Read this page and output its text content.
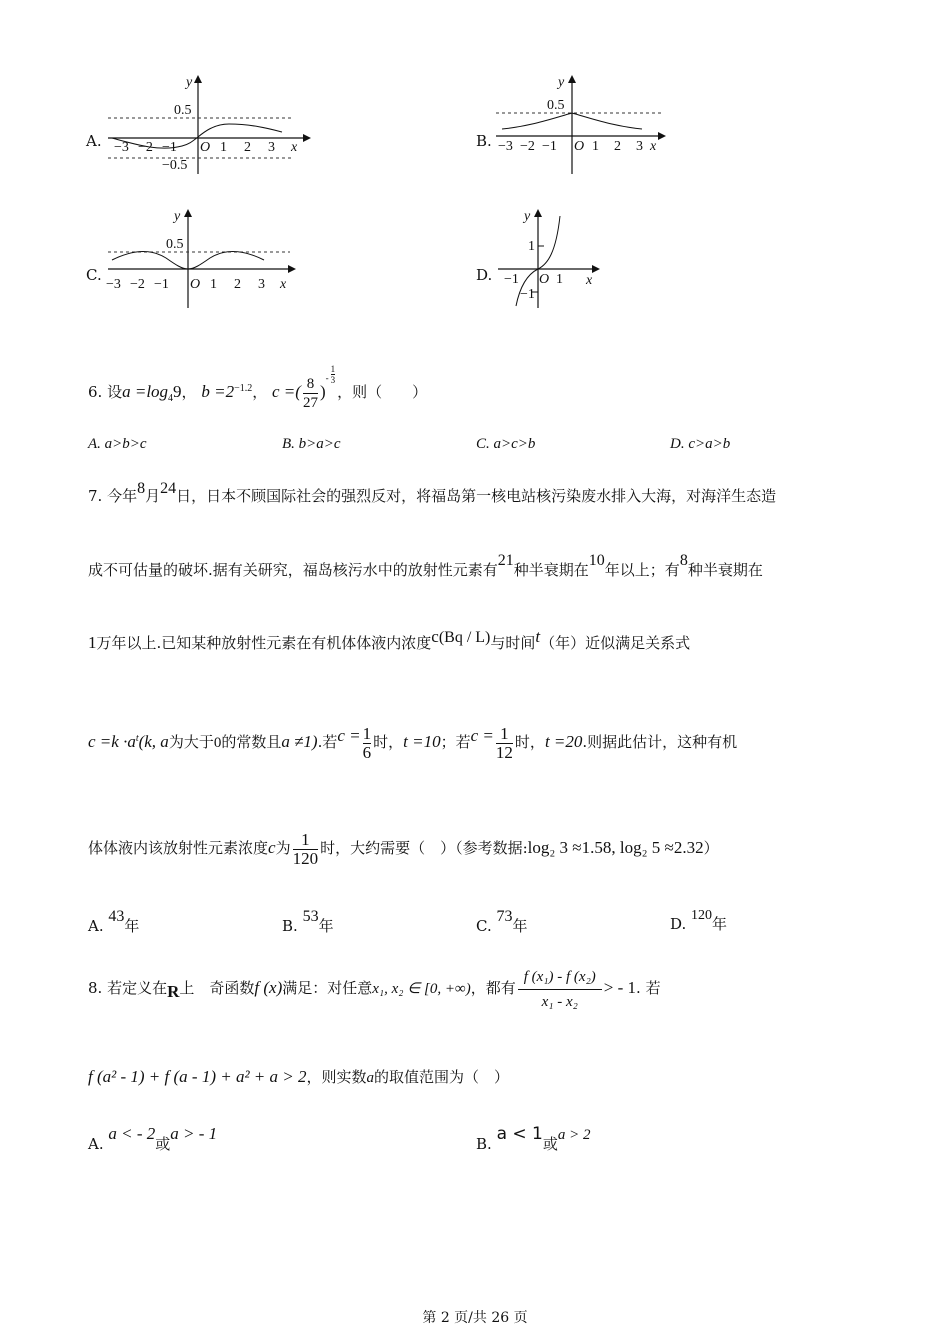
A.
y
x
O
0.5
−0.5
−3 −2 −1	1 2 3	B.
y
x
O
0.5
−3 −2 −1	1 2 3
C.
y
x
O
0.5
−3 −2 −1	1 2 3
D.
y
x
O
1
−1
−1	1
6. 设$a =\log_49$， $b =2^{-1.2}$， c =( $\frac{8}{27} )^- \frac{1}{3}$
，则（　　）
A. a>b>c	B. b>a>c	C. a>c>b	D. c>a>b
7. 今年8月24日，日本不顾国际社会的强烈反对，将福岛第一核电站核污染废水排入大海，对海洋生态造
成不可估量的破坏.据有关研究，福岛核污水中的放射性元素有21种半衰期在10年以上；有8种半衰期在
1万年以上.已知某种放射性元素在有机体体液内浓度c(Bq / L)与时间t（年）近似满足关系式
$c =k \cdot a^t(k$, a为大于0的常数且a ≠1).若$c = \frac{1}{6}$ 时，t =10；若$c = \frac{1}{12}$ 时，t =20.则据此估计，这种有机
体体液内该放射性元素浓度c为 $\frac{1}{120}$ 时，大约需要（　）（参考数据:log₂ 3 ≈1.58, log₂ 5 ≈2.32）
A. 43年	B. 53年	C. 73年	D. 120年
8. 若定义在R上　奇函数f (x)满足：对任意x₁, x₂ ∈ [0, +∞)，都有 $\frac{\text{f (x₁) - f (x₂)}}{\text{x₁ - x₂}}$ > - 1. 若
f (a² - 1) + f (a - 1) + a² + a > 2，则实数a的取值范围为（　）
A. a < - 2或a > - 1
B. a < 1或a > 2
第 2 页/共 26 页
